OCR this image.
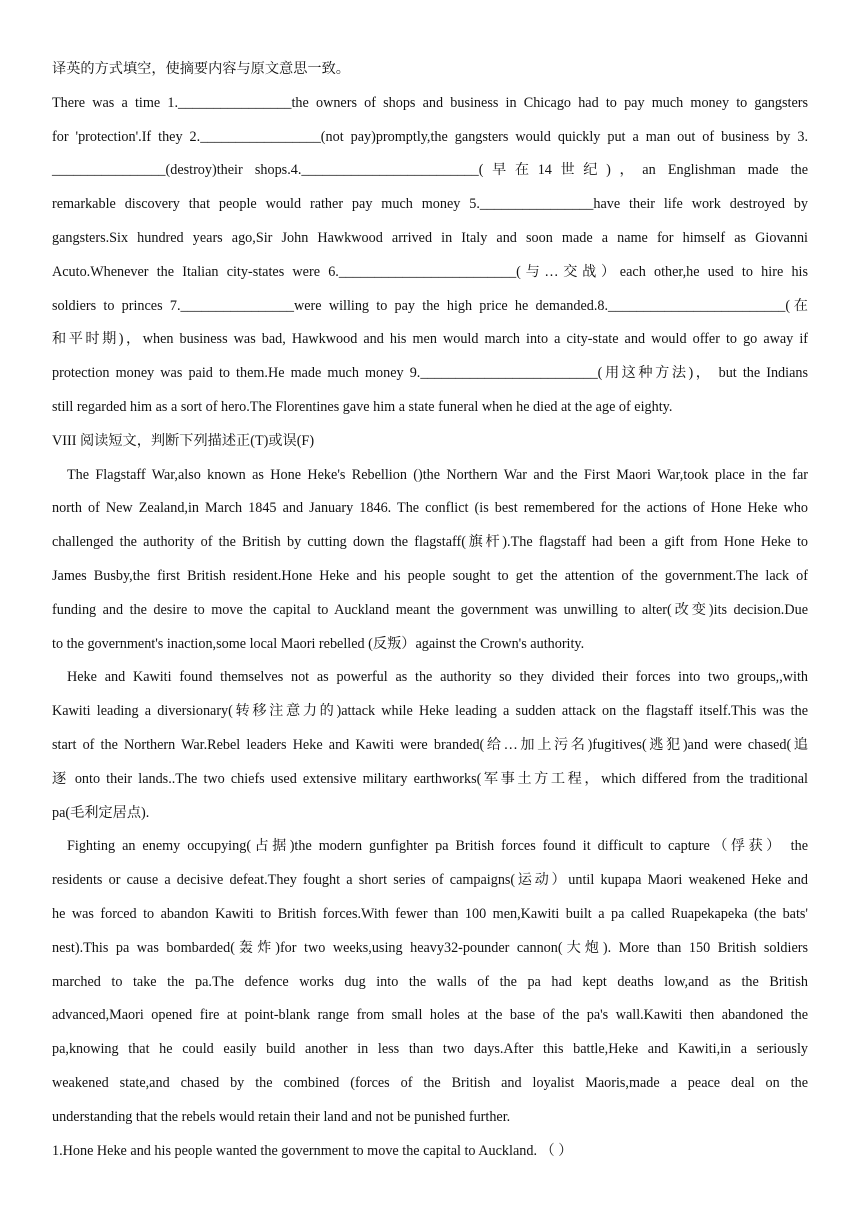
译英的方式填空，使摘要内容与原文意思一致。
There was a time 1.________________the owners of shops and business in Chicago had to pay much money to gangsters
for 'protection'.If they 2._________________(not pay)promptly,the gangsters would quickly put a man out of business by 3.
________________(destroy)their shops.4._________________________(早在14世纪)，an Englishman made the
remarkable discovery that people would rather pay much money 5.________________have their life work destroyed by
gangsters.Six hundred years ago,Sir John Hawkwood arrived in Italy and soon made a name for himself as Giovanni
Acuto.Whenever the Italian city-states were 6._________________________(与…交战）each other,he used to hire his
soldiers to princes 7.________________were willing to pay the high price he demanded.8._________________________(在
和平时期)，when business was bad, Hawkwood and his men would march into a city-state and would offer to go away if
protection money was paid to them.He made much money 9._________________________(用这种方法)， but the Indians
still regarded him as a sort of hero.The Florentines gave him a state funeral when he died at the age of eighty.
VIII 阅读短文，判断下列描述正(T)或误(F)
The Flagstaff War,also known as Hone Heke's Rebellion ()the Northern War and the First Maori War,took place in the far
north of New Zealand,in March 1845 and January 1846. The conflict (is best remembered for the actions of Hone Heke who
challenged the authority of the British by cutting down the flagstaff(旗杆).The flagstaff had been a gift from Hone Heke to
James Busby,the first British resident.Hone Heke and his people sought to get the attention of the government.The lack of
funding and the desire to move the capital to Auckland meant the government was unwilling to alter(改变)its decision.Due
to the government's inaction,some local Maori rebelled (反叛）against the Crown's authority.
Heke and Kawiti found themselves not as powerful as the authority so they divided their forces into two groups,,with
Kawiti leading a diversionary(转移注意力的)attack while Heke leading a sudden attack on the flagstaff itself.This was the
start of the Northern War.Rebel leaders Heke and Kawiti were branded(给…加上污名)fugitives(逃犯)and were chased(追
逐 onto their lands..The two chiefs used extensive military earthworks(军事土方工程，which differed from the traditional
pa(毛利定居点).
Fighting an enemy occupying(占据)the modern gunfighter pa British forces found it difficult to capture（俘获） the
residents or cause a decisive defeat.They fought a short series of campaigns(运动）until kupapa Maori weakened Heke and
he was forced to abandon Kawiti to British forces.With fewer than 100 men,Kawiti built a pa called Ruapekapeka (the bats'
nest).This pa was bombarded(轰炸)for two weeks,using heavy32-pounder cannon(大炮). More than 150 British soldiers
marched to take the pa.The defence works dug into the walls of the pa had kept deaths low,and as the British
advanced,Maori opened fire at point-blank range from small holes at the base of the pa's wall.Kawiti then abandoned the
pa,knowing that he could easily build another in less than two days.After this battle,Heke and Kawiti,in a seriously
weakened state,and chased by the combined (forces of the British and loyalist Maoris,made a peace deal on the
understanding that the rebels would retain their land and not be punished further.
1.Hone Heke and his people wanted the government to move the capital to Auckland. （ ）
